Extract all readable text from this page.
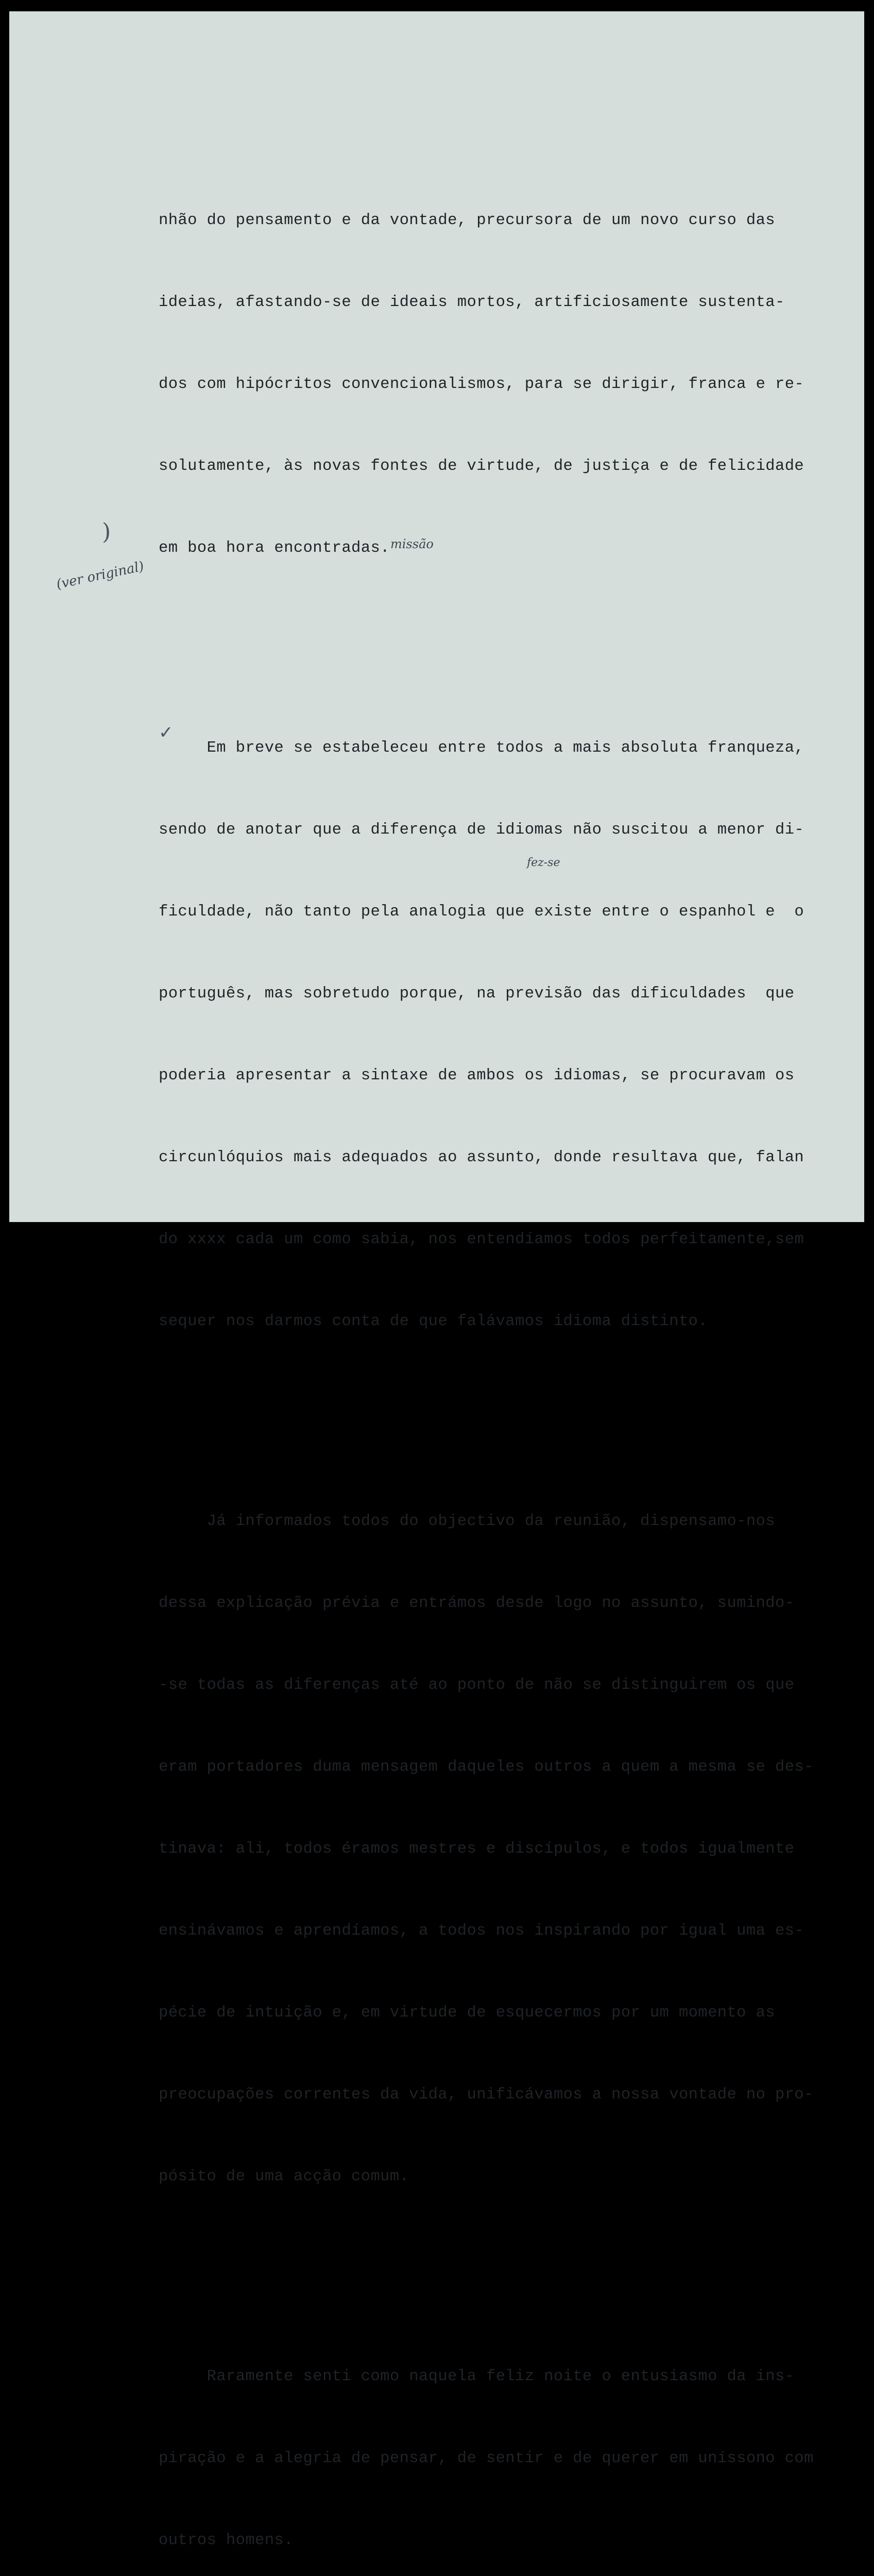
nhão do pensamento e da vontade, precursora de um novo curso das

ideias, afastando-se de ideais mortos, artificiosamente sustenta-

dos com hipócritos convencionalismos, para se dirigir, franca e re-

solutamente, às novas fontes de virtude, de justiça e de felicidade

em boa hora encontradas.

Em breve se estabeleceu entre todos a mais absoluta franqueza,

sendo de anotar que a diferença de idiomas não suscitou a menor di-

ficuldade, não tanto pela analogia que existe entre o espanhol e  o

português, mas sobretudo porque, na previsão das dificuldades  que

poderia apresentar a sintaxe de ambos os idiomas, se procuravam os

circunlóquios mais adequados ao assunto, donde resultava que, falan

do xxxx cada um como sabia, nos entendíamos todos perfeitamente,sem

sequer nos darmos conta de que falávamos idioma distinto.

Já informados todos do objectivo da reunião, dispensamo-nos

dessa explicação prévia e entrámos desde logo no assunto, sumindo-

-se todas as diferenças até ao ponto de não se distinguirem os que

eram portadores duma mensagem daqueles outros a quem a mesma se des-

tinava: ali, todos éramos mestres e discípulos, e todos igualmente

ensinávamos e aprendíamos, a todos nos inspirando por igual uma es-

pécie de intuição e, em virtude de esquecermos por um momento as

preocupações correntes da vida, unificávamos a nossa vontade no pro-

pósito de uma acção comum.

Raramente senti como naquela feliz noite o entusiasmo da ins-

piração e a alegria de pensar, de sentir e de querer em uníssono com

outros homens.

(ver original)
missão
fez-se
)
✓
